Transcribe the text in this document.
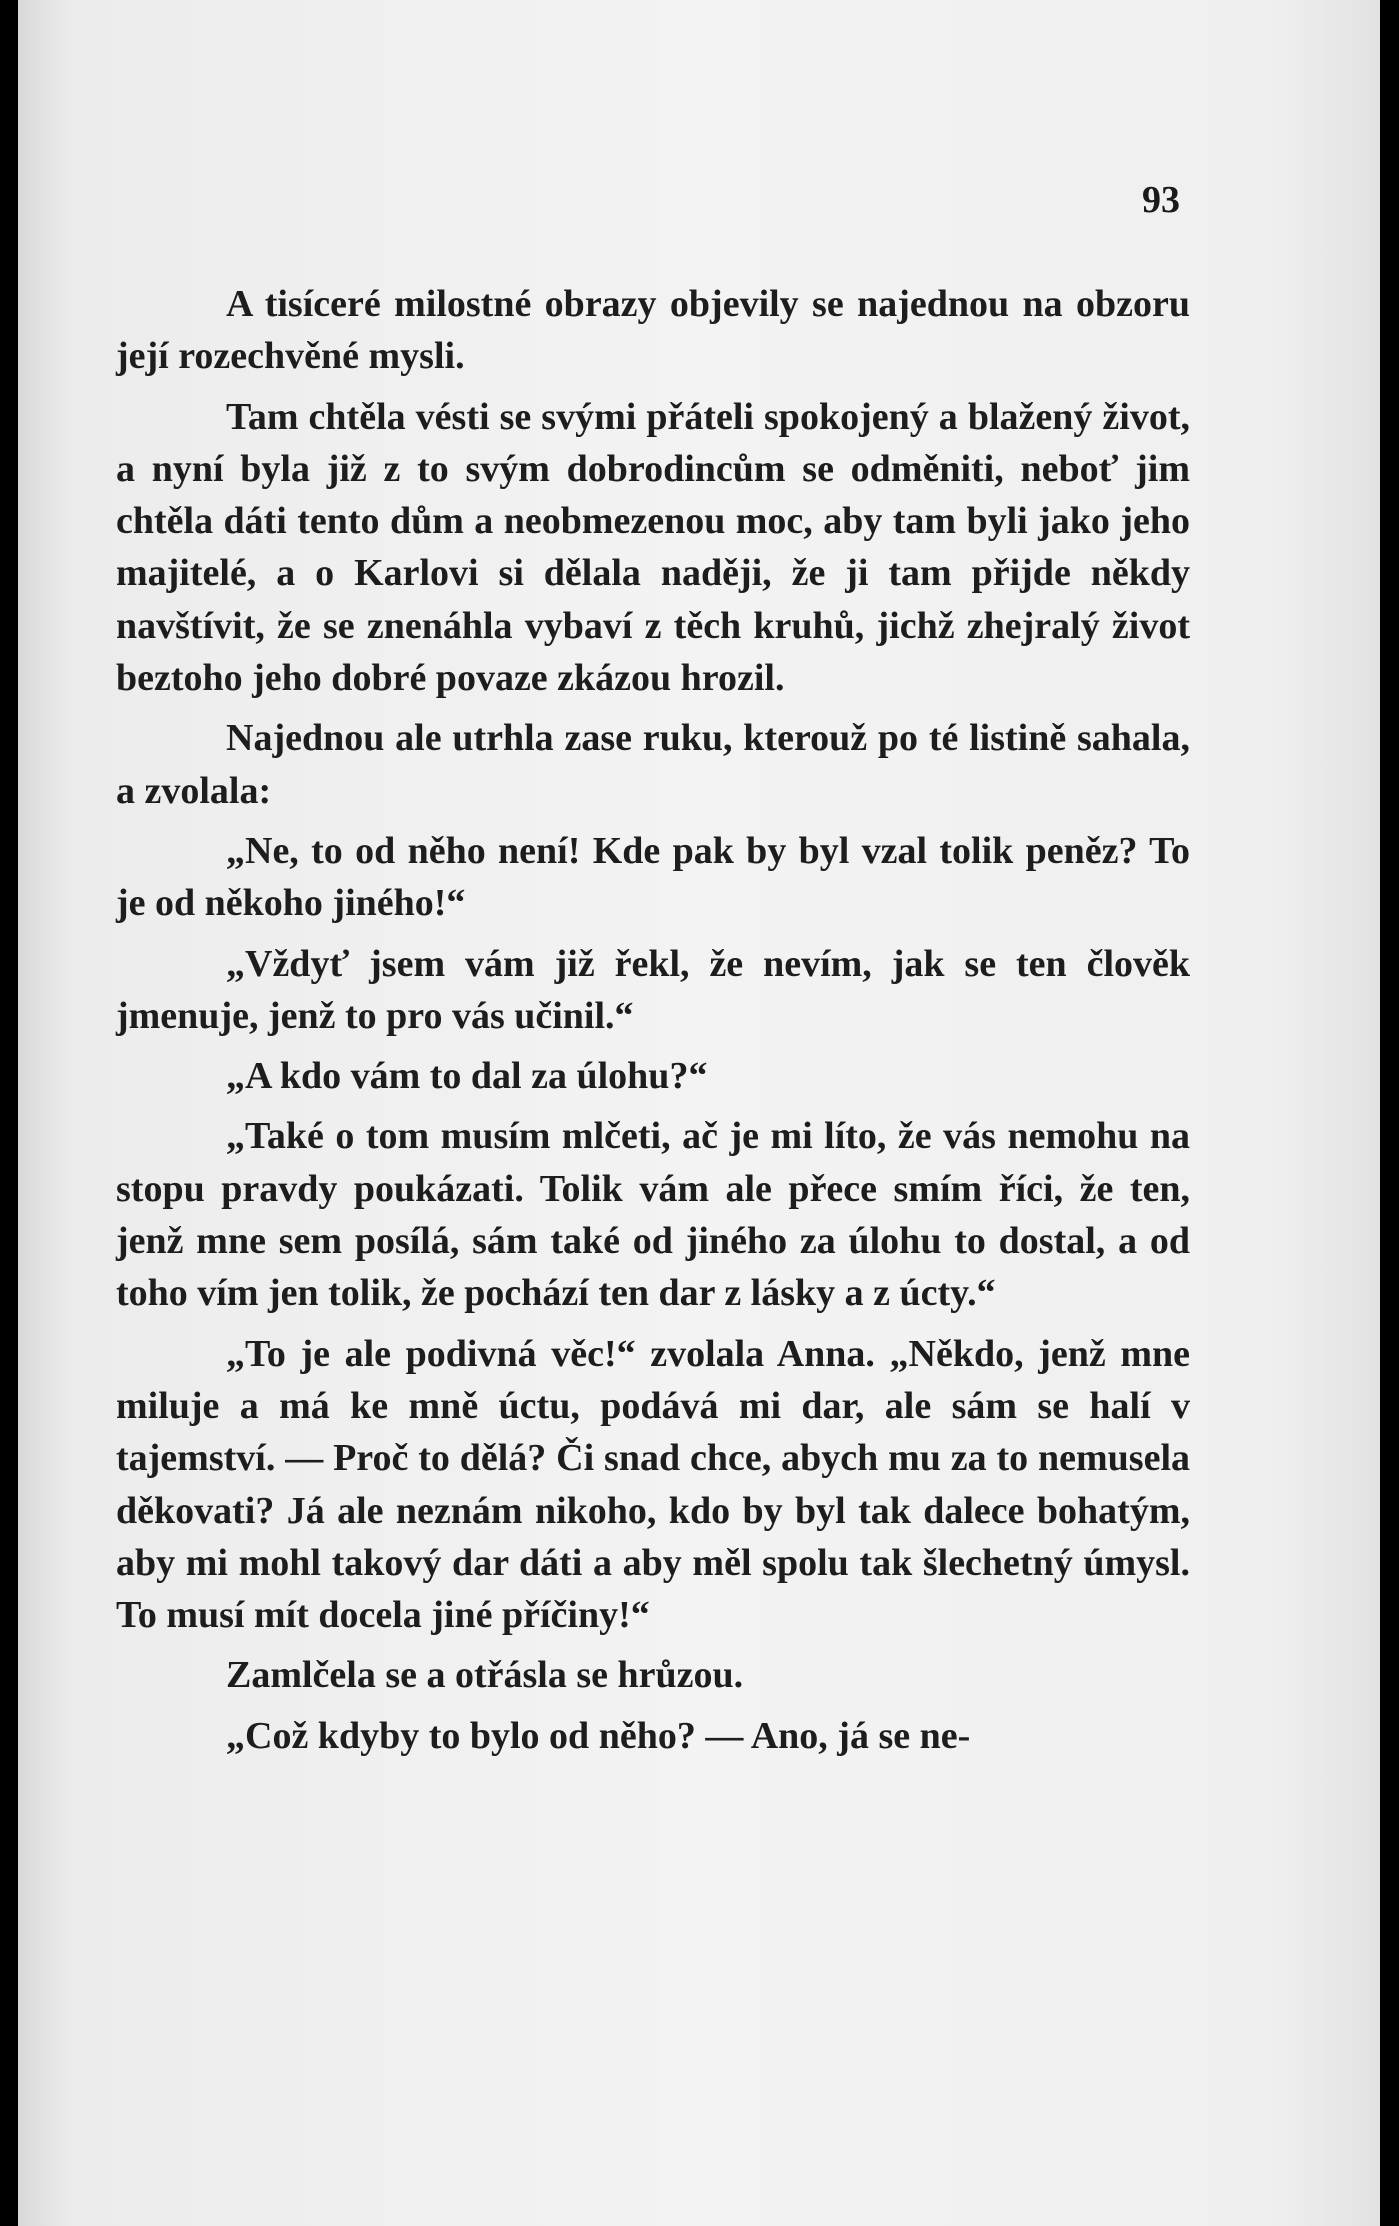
93

A tisíceré milostné obrazy objevily se najednou na obzoru její rozechvěné mysli.

Tam chtěla vésti se svými přáteli spokojený a blažený život, a nyní byla již z to svým dobrodincům se odměniti, neboť jim chtěla dáti tento dům a neobmezenou moc, aby tam byli jako jeho majitelé, a o Karlovi si dělala naději, že ji tam přijde někdy navštívit, že se znenáhla vybaví z těch kruhů, jichž zhejralý život beztoho jeho dobré povaze zkázou hrozil.

Najednou ale utrhla zase ruku, kterouž po té listině sahala, a zvolala:

„Ne, to od něho není! Kde pak by byl vzal tolik peněz? To je od někoho jiného!“

„Vždyť jsem vám již řekl, že nevím, jak se ten člověk jmenuje, jenž to pro vás učinil.“

„A kdo vám to dal za úlohu?“

„Také o tom musím mlčeti, ač je mi líto, že vás nemohu na stopu pravdy poukázati. Tolik vám ale přece smím říci, že ten, jenž mne sem posílá, sám také od jiného za úlohu to dostal, a od toho vím jen tolik, že pochází ten dar z lásky a z úcty.“

„To je ale podivná věc!“ zvolala Anna. „Někdo, jenž mne miluje a má ke mně úctu, podává mi dar, ale sám se halí v tajemství. — Proč to dělá? Či snad chce, abych mu za to nemusela děkovati? Já ale neznám nikoho, kdo by byl tak dalece bohatým, aby mi mohl takový dar dáti a aby měl spolu tak šlechetný úmysl. To musí mít docela jiné příčiny!“

Zamlčela se a otřásla se hrůzou.

„Což kdyby to bylo od něho? — Ano, já se ne-
